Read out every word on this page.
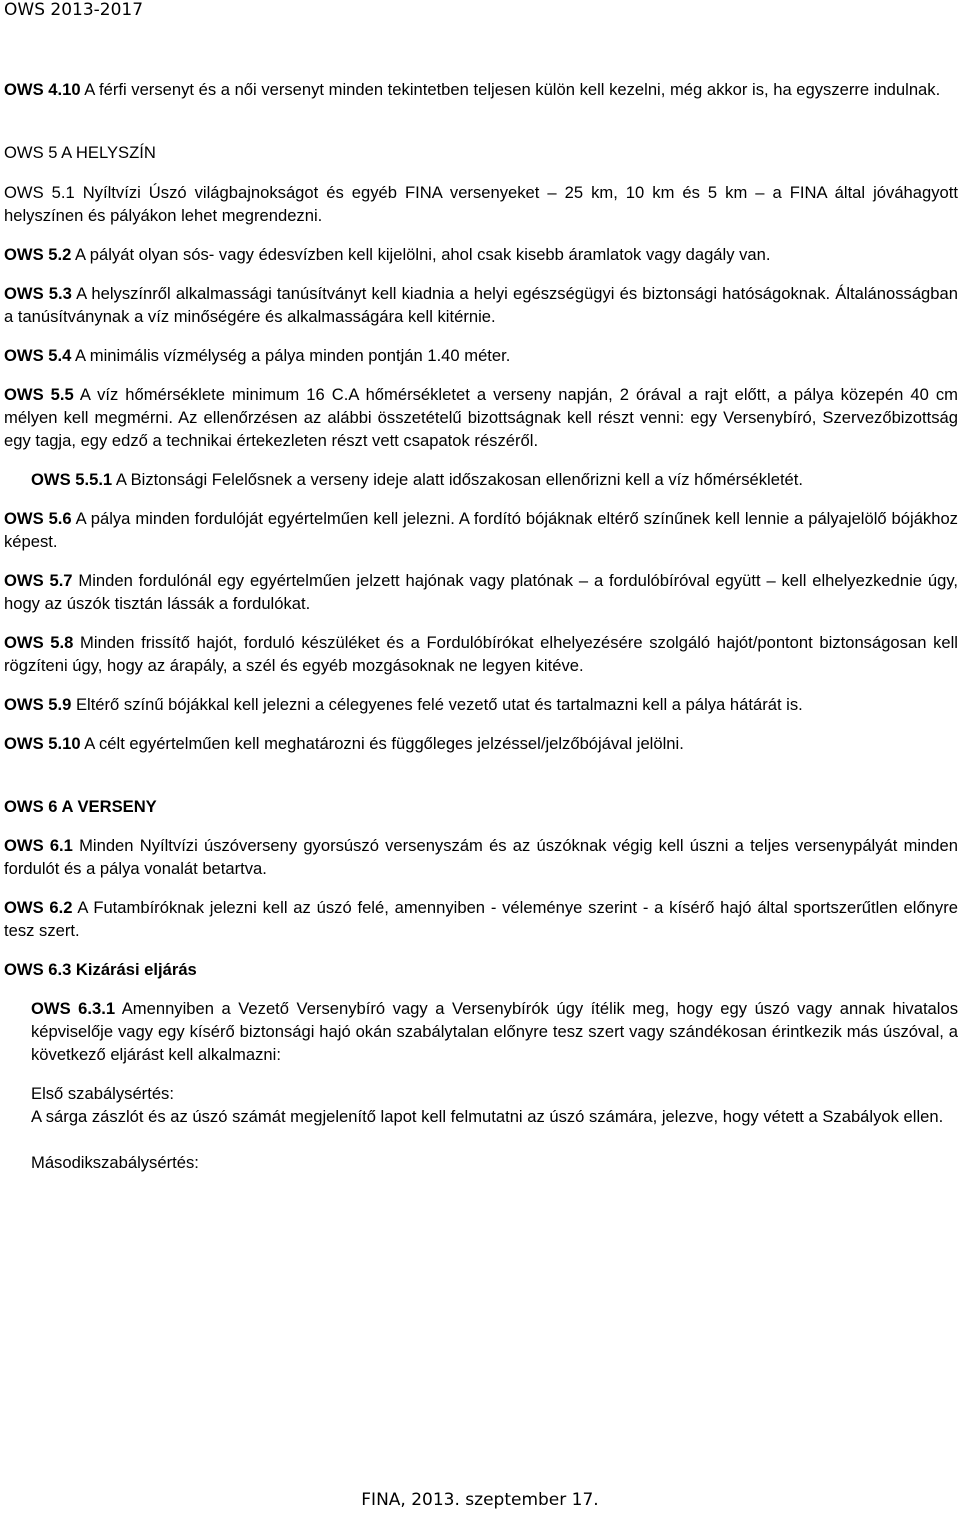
OWS 2013-2017

OWS 4.10 A férfi versenyt és a női versenyt minden tekintetben teljesen külön kell kezelni, még akkor is, ha egyszerre indulnak.

OWS 5 A HELYSZÍN

OWS 5.1 Nyíltvízi Úszó világbajnokságot és egyéb FINA versenyeket – 25 km, 10 km és 5 km – a FINA által jóváhagyott helyszínen és pályákon lehet megrendezni.

OWS 5.2 A pályát olyan sós- vagy édesvízben kell kijelölni, ahol csak kisebb áramlatok vagy dagály van.

OWS 5.3 A helyszínről alkalmassági tanúsítványt kell kiadnia a helyi egészségügyi és biztonsági hatóságoknak. Általánosságban a tanúsítványnak a víz minőségére és alkalmasságára kell kitérnie.

OWS 5.4 A minimális vízmélység a pálya minden pontján 1.40 méter.

OWS 5.5 A víz hőmérséklete minimum 16 C.A hőmérsékletet a verseny napján, 2 órával a rajt előtt, a pálya közepén 40 cm mélyen kell megmérni. Az ellenőrzésen az alábbi összetételű bizottságnak kell részt venni: egy Versenybíró, Szervezőbizottság egy tagja, egy edző a technikai értekezleten részt vett csapatok részéről.

OWS 5.5.1 A Biztonsági Felelősnek a verseny ideje alatt időszakosan ellenőrizni kell a víz hőmérsékletét.

OWS 5.6 A pálya minden fordulóját egyértelműen kell jelezni. A fordító bójáknak eltérő színűnek kell lennie a pályajelölő bójákhoz képest.

OWS 5.7 Minden fordulónál egy egyértelműen jelzett hajónak vagy platónak – a fordulóbíróval együtt – kell elhelyezkednie úgy, hogy az úszók tisztán lássák a fordulókat.

OWS 5.8 Minden frissítő hajót, forduló készüléket és a Fordulóbírókat elhelyezésére szolgáló hajót/pontont biztonságosan kell rögzíteni úgy, hogy az árapály, a szél és egyéb mozgásoknak ne legyen kitéve.

OWS 5.9 Eltérő színű bójákkal kell jelezni a célegyenes felé vezető utat és tartalmazni kell a pálya hátárát is.

OWS 5.10 A célt egyértelműen kell meghatározni és függőleges jelzéssel/jelzőbójával jelölni.

OWS 6 A VERSENY

OWS 6.1 Minden Nyíltvízi úszóverseny gyorsúszó versenyszám és az úszóknak végig kell úszni a teljes versenypályát minden fordulót és a pálya vonalát betartva.

OWS 6.2 A Futambíróknak jelezni kell az úszó felé, amennyiben - véleménye szerint - a kísérő hajó által sportszerűtlen előnyre tesz szert.

OWS 6.3 Kizárási eljárás

OWS 6.3.1 Amennyiben a Vezető Versenybíró vagy a Versenybírók úgy ítélik meg, hogy egy úszó vagy annak hivatalos képviselője vagy egy kísérő biztonsági hajó okán szabálytalan előnyre tesz szert vagy szándékosan érintkezik más úszóval, a következő eljárást kell alkalmazni:

Első szabálysértés:

A sárga zászlót és az úszó számát megjelenítő lapot kell felmutatni az úszó számára, jelezve, hogy vétett a Szabályok ellen.

Másodikszabálysértés:

FINA, 2013. szeptember 17.
